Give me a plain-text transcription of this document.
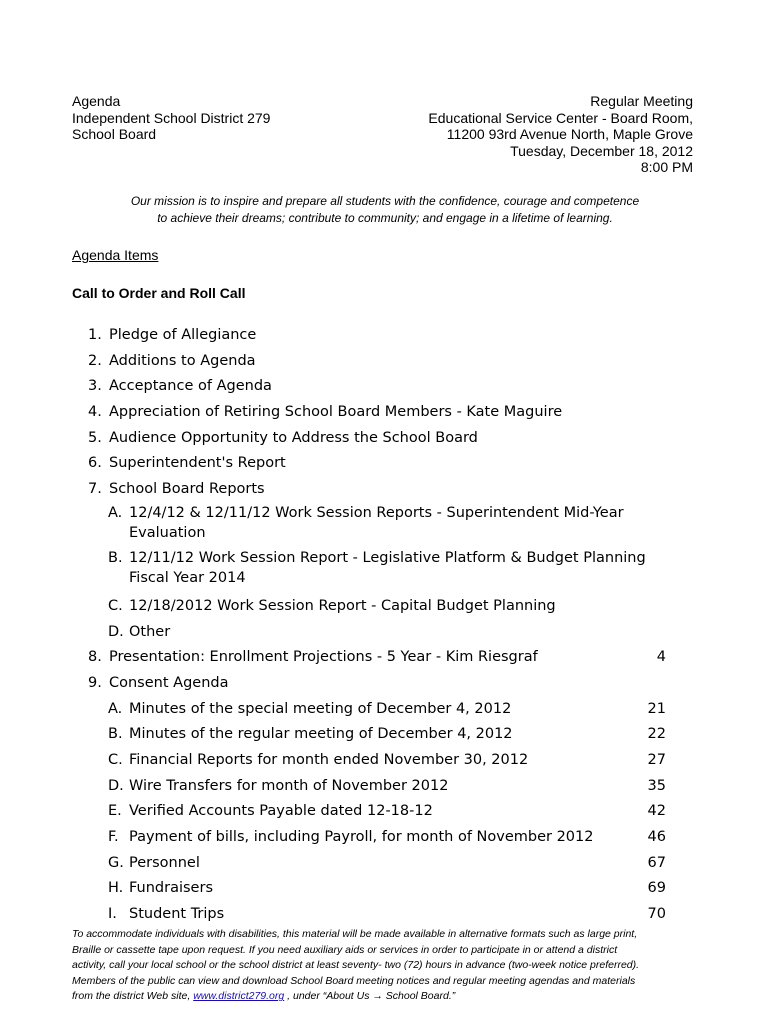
Agenda
Independent School District 279
School Board
Regular Meeting
Educational Service Center - Board Room,
11200 93rd Avenue North, Maple Grove
Tuesday, December 18, 2012
8:00 PM
Our mission is to inspire and prepare all students with the confidence, courage and competence
to achieve their dreams; contribute to community; and engage in a lifetime of learning.
Agenda Items
Call to Order and Roll Call
1. Pledge of Allegiance
2. Additions to Agenda
3. Acceptance of Agenda
4. Appreciation of Retiring School Board Members - Kate Maguire
5. Audience Opportunity to Address the School Board
6. Superintendent's Report
7. School Board Reports
A. 12/4/12 & 12/11/12 Work Session Reports - Superintendent Mid-Year Evaluation
B. 12/11/12 Work Session Report - Legislative Platform & Budget Planning Fiscal Year 2014
C. 12/18/2012 Work Session Report - Capital Budget Planning
D. Other
8. Presentation: Enrollment Projections - 5 Year - Kim Riesgraf	4
9. Consent Agenda
A. Minutes of the special meeting of December 4, 2012	21
B. Minutes of the regular meeting of December 4, 2012	22
C. Financial Reports for month ended November 30, 2012	27
D. Wire Transfers for month of November 2012	35
E. Verified Accounts Payable dated 12-18-12	42
F. Payment of bills, including Payroll, for month of November 2012	46
G. Personnel	67
H. Fundraisers	69
I. Student Trips	70
To accommodate individuals with disabilities, this material will be made available in alternative formats such as large print,
Braille or cassette tape upon request. If you need auxiliary aids or services in order to participate in or attend a district
activity, call your local school or the school district at least seventy- two (72) hours in advance (two-week notice preferred).
Members of the public can view and download School Board meeting notices and regular meeting agendas and materials
from the district Web site, www.district279.org , under “About Us → School Board.”
